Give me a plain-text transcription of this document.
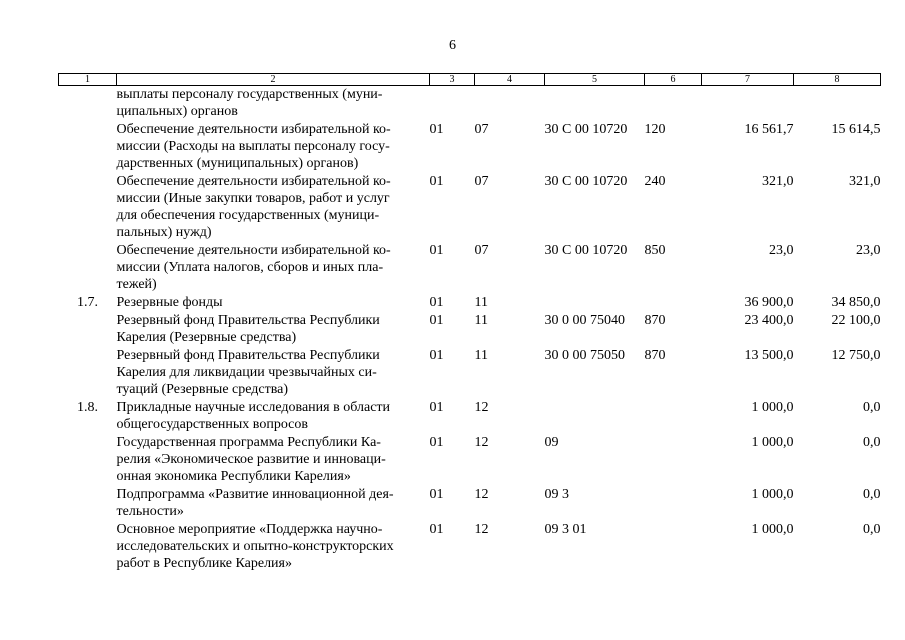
6
1	2	3	4	5	6	7	8
	выплаты персоналу государственных (муни-
ципальных) органов						
	Обеспечение деятельности избирательной ко-
миссии (Расходы на выплаты персоналу госу-
дарственных (муниципальных) органов)	01	07	30 С 00 10720	120	16 561,7	15 614,5
	Обеспечение деятельности избирательной ко-
миссии (Иные закупки товаров, работ и услуг
для обеспечения государственных (муници-
пальных) нужд)	01	07	30 С 00 10720	240	321,0	321,0
	Обеспечение деятельности избирательной ко-
миссии (Уплата налогов, сборов и иных пла-
тежей)	01	07	30 С 00 10720	850	23,0	23,0
1.7.	Резервные фонды	01	11			36 900,0	34 850,0
	Резервный фонд Правительства Республики
Карелия (Резервные средства)	01	11	30 0 00 75040	870	23 400,0	22 100,0
	Резервный фонд Правительства Республики
Карелия для ликвидации чрезвычайных си-
туаций (Резервные средства)	01	11	30 0 00 75050	870	13 500,0	12 750,0
1.8.	Прикладные научные исследования в области
общегосударственных вопросов	01	12			1 000,0	0,0
	Государственная программа Республики Ка-
релия «Экономическое развитие и инноваци-
онная экономика Республики Карелия»	01	12	09		1 000,0	0,0
	Подпрограмма «Развитие инновационной дея-
тельности»	01	12	09 3		1 000,0	0,0
	Основное мероприятие «Поддержка научно-
исследовательских и опытно-конструкторских
работ в Республике Карелия»	01	12	09 3 01		1 000,0	0,0
